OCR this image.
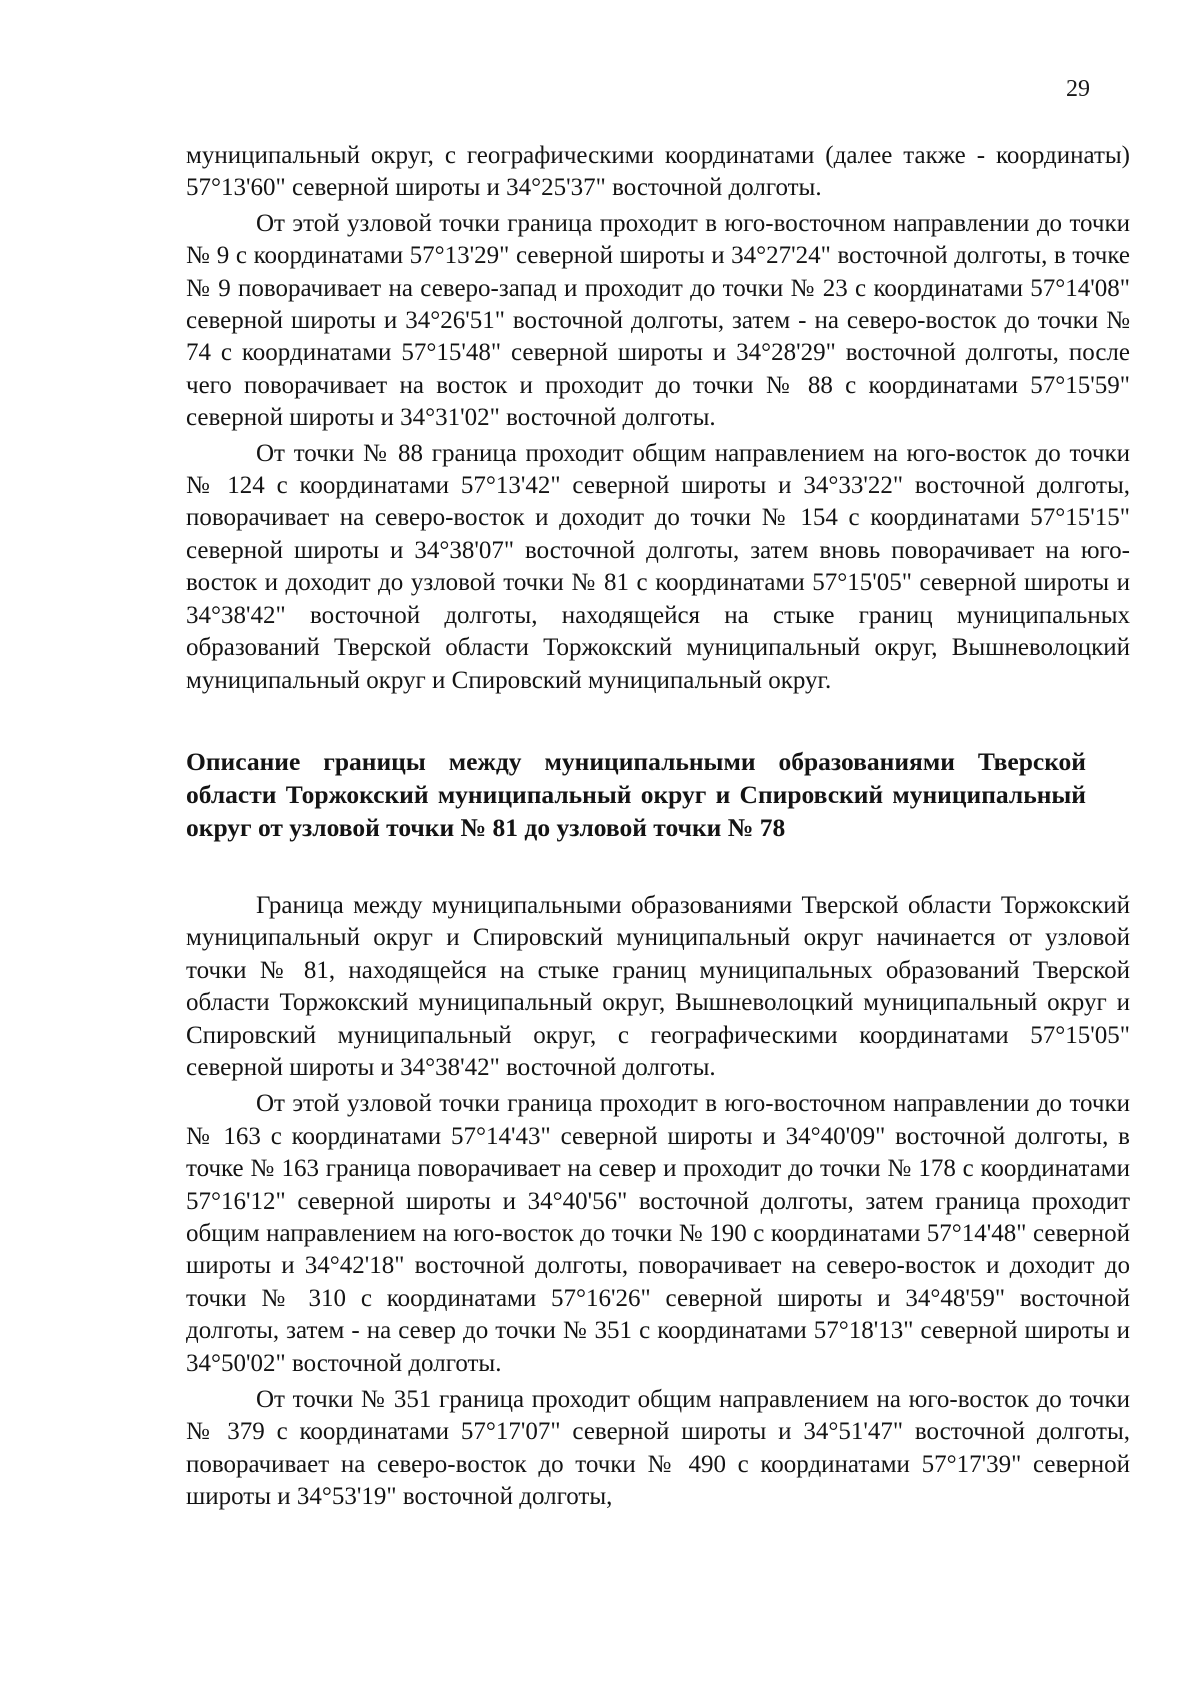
29

муниципальный округ, с географическими координатами (далее также - координаты) 57°13'60" северной широты и 34°25'37" восточной долготы.

От этой узловой точки граница проходит в юго-восточном направлении до точки № 9 с координатами 57°13'29" северной широты и 34°27'24" восточной долготы, в точке № 9 поворачивает на северо-запад и проходит до точки № 23 с координатами 57°14'08" северной широты и 34°26'51" восточной долготы, затем - на северо-восток до точки № 74 с координатами 57°15'48" северной широты и 34°28'29" восточной долготы, после чего поворачивает на восток и проходит до точки № 88 с координатами 57°15'59" северной широты и 34°31'02" восточной долготы.

От точки № 88 граница проходит общим направлением на юго-восток до точки № 124 с координатами 57°13'42" северной широты и 34°33'22" восточной долготы, поворачивает на северо-восток и доходит до точки № 154 с координатами 57°15'15" северной широты и 34°38'07" восточной долготы, затем вновь поворачивает на юго-восток и доходит до узловой точки № 81 с координатами 57°15'05" северной широты и 34°38'42" восточной долготы, находящейся на стыке границ муниципальных образований Тверской области Торжокский муниципальный округ, Вышневолоцкий муниципальный округ и Спировский муниципальный округ.

Описание границы между муниципальными образованиями Тверской области Торжокский муниципальный округ и Спировский муниципальный округ от узловой точки № 81 до узловой точки № 78

Граница между муниципальными образованиями Тверской области Торжокский муниципальный округ и Спировский муниципальный округ начинается от узловой точки № 81, находящейся на стыке границ муниципальных образований Тверской области Торжокский муниципальный округ, Вышневолоцкий муниципальный округ и Спировский муниципальный округ, с географическими координатами 57°15'05" северной широты и 34°38'42" восточной долготы.

От этой узловой точки граница проходит в юго-восточном направлении до точки № 163 с координатами 57°14'43" северной широты и 34°40'09" восточной долготы, в точке № 163 граница поворачивает на север и проходит до точки № 178 с координатами 57°16'12" северной широты и 34°40'56" восточной долготы, затем граница проходит общим направлением на юго-восток до точки № 190 с координатами 57°14'48" северной широты и 34°42'18" восточной долготы, поворачивает на северо-восток и доходит до точки № 310 с координатами 57°16'26" северной широты и 34°48'59" восточной долготы, затем - на север до точки № 351 с координатами 57°18'13" северной широты и 34°50'02" восточной долготы.

От точки № 351 граница проходит общим направлением на юго-восток до точки № 379 с координатами 57°17'07" северной широты и 34°51'47" восточной долготы, поворачивает на северо-восток до точки № 490 с координатами 57°17'39" северной широты и 34°53'19" восточной долготы,
